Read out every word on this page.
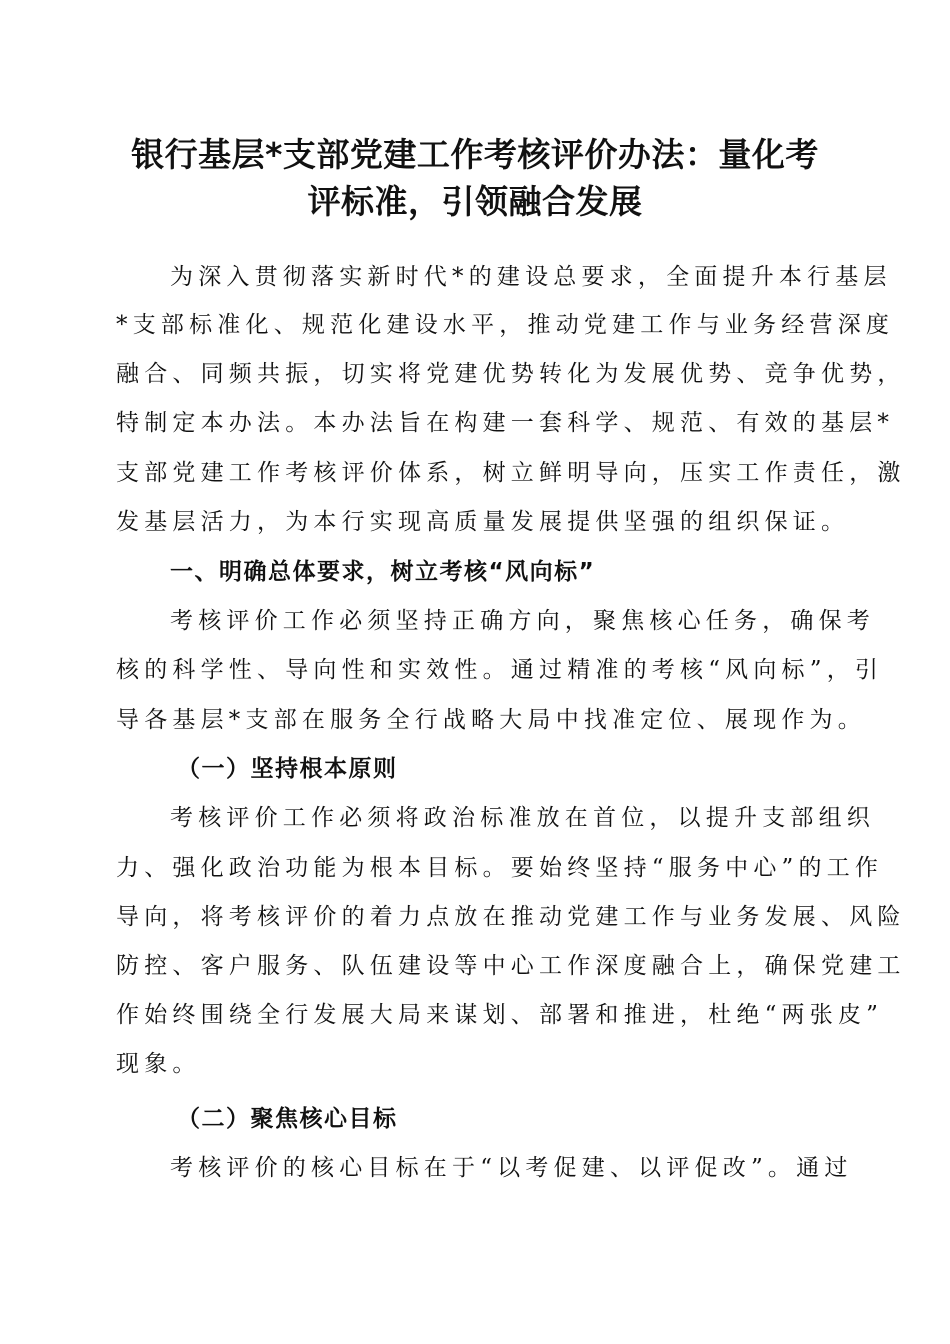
银行基层*支部党建工作考核评价办法：量化考
评标准，引领融合发展

为深入贯彻落实新时代*的建设总要求，全面提升本行基层

*支部标准化、规范化建设水平，推动党建工作与业务经营深度

融合、同频共振，切实将党建优势转化为发展优势、竞争优势，

特制定本办法。本办法旨在构建一套科学、规范、有效的基层*

支部党建工作考核评价体系，树立鲜明导向，压实工作责任，激

发基层活力，为本行实现高质量发展提供坚强的组织保证。

一、明确总体要求，树立考核“风向标”

考核评价工作必须坚持正确方向，聚焦核心任务，确保考

核的科学性、导向性和实效性。通过精准的考核“风向标”，引

导各基层*支部在服务全行战略大局中找准定位、展现作为。

（一）坚持根本原则

考核评价工作必须将政治标准放在首位，以提升支部组织

力、强化政治功能为根本目标。要始终坚持“服务中心”的工作

导向，将考核评价的着力点放在推动党建工作与业务发展、风险

防控、客户服务、队伍建设等中心工作深度融合上，确保党建工

作始终围绕全行发展大局来谋划、部署和推进，杜绝“两张皮”

现象。

（二）聚焦核心目标

考核评价的核心目标在于“以考促建、以评促改”。通过
